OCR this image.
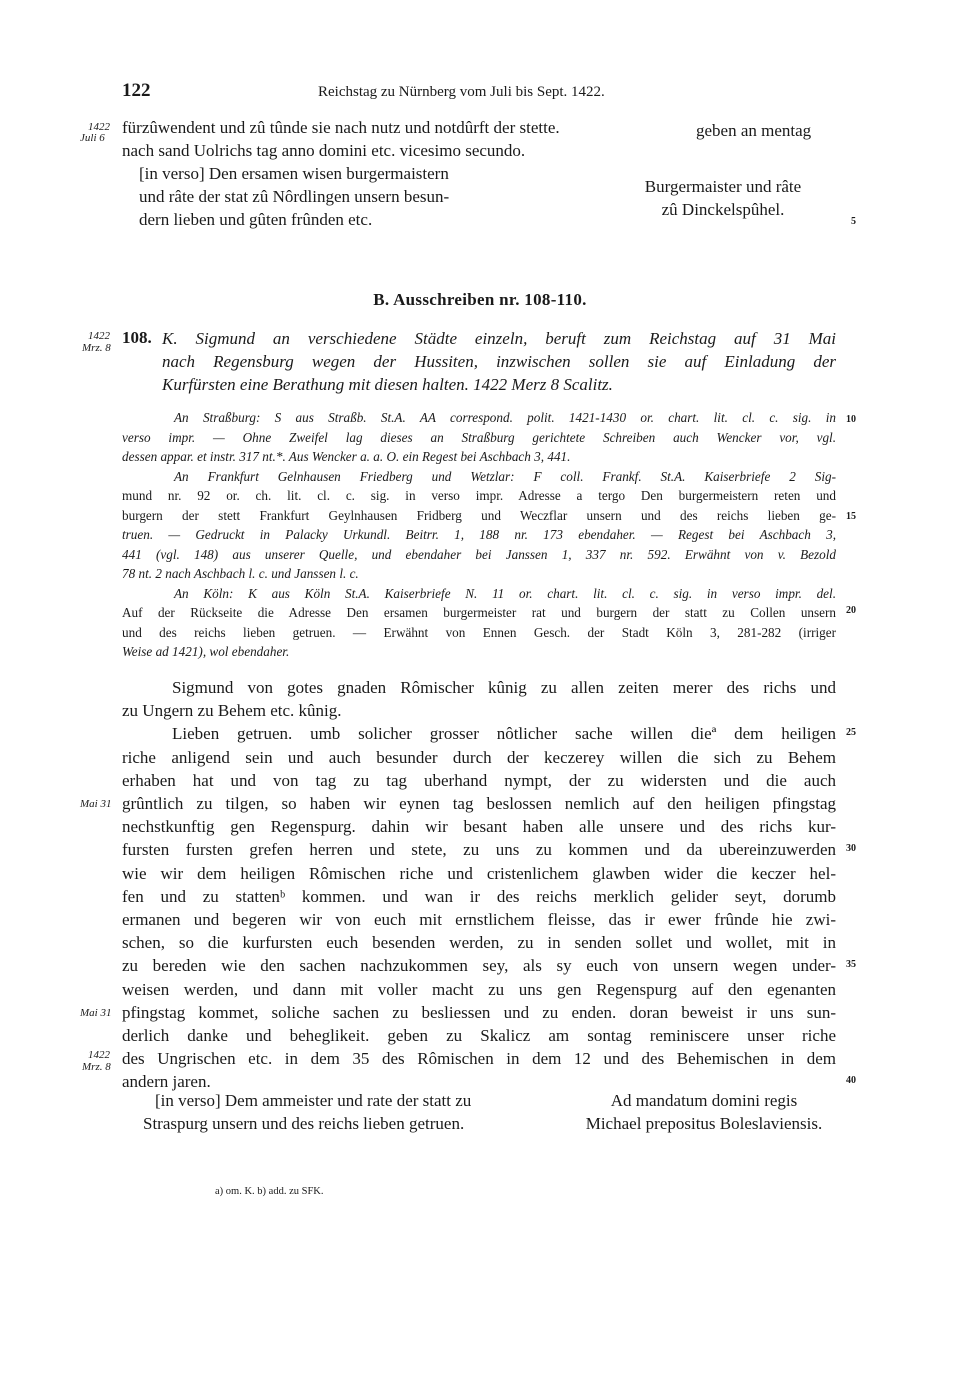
122	Reichstag zu Nürnberg vom Juli bis Sept. 1422.
1422
Juli 6
fürzûwendent und zû tûnde sie nach nutz und notdûrft der stette.	geben an mentag
nach sand Uolrichs tag anno domini etc. vicesimo secundo.
[in verso] Den ersamen wisen burgermaistern
und râte der stat zû Nôrdlingen unsern besun-
dern lieben und gûten frûnden etc.
Burgermaister und râte
zû Dinckelspûhel.
5
B. Ausschreiben nr. 108-110.
1422
Mrz. 8
108. K. Sigmund an verschiedene Städte einzeln, beruft zum Reichstag auf 31 Mai
nach Regensburg wegen der Hussiten, inzwischen sollen sie auf Einladung der
Kurfürsten eine Berathung mit diesen halten. 1422 Merz 8 Scalitz.
An Straßburg: S aus Straßb. St.A. AA correspond. polit. 1421-1430 or. chart. lit. cl. c. sig. in
verso impr. — Ohne Zweifel lag dieses an Straßburg gerichtete Schreiben auch Wencker vor, vgl.
dessen appar. et instr. 317 nt.*. Aus Wencker a. a. O. ein Regest bei Aschbach 3, 441.
An Frankfurt Gelnhausen Friedberg und Wetzlar: F coll. Frankf. St.A. Kaiserbriefe 2 Sig-
mund nr. 92 or. ch. lit. cl. c. sig. in verso impr. Adresse a tergo Den burgermeistern reten und
burgern der stett Frankfurt Geylnhausen Fridberg und Weczflar unsern und des reichs lieben ge-
truen. — Gedruckt in Palacky Urkundl. Beitrr. 1, 188 nr. 173 ebendaher. — Regest bei Aschbach 3,
441 (vgl. 148) aus unserer Quelle, und ebendaher bei Janssen 1, 337 nr. 592. Erwähnt von v. Bezold
78 nt. 2 nach Aschbach l. c. und Janssen l. c.
An Köln: K aus Köln St.A. Kaiserbriefe N. 11 or. chart. lit. cl. c. sig. in verso impr. del.
Auf der Rückseite die Adresse Den ersamen burgermeister rat und burgern der statt zu Collen unsern
und des reichs lieben getruen. — Erwähnt von Ennen Gesch. der Stadt Köln 3, 281-282 (irriger
Weise ad 1421), wol ebendaher.
10
15
20
Sigmund von gotes gnaden Rômischer kûnig zu allen zeiten merer des richs und
zu Ungern zu Behem etc. kûnig.
Lieben getruen. umb solicher grosser nôtlicher sache willen dieª dem heiligen
riche anligend sein und auch besunder durch der keczerey willen die sich zu Behem
erhaben hat und von tag zu tag uberhand nympt, der zu widersten und die auch
grûntlich zu tilgen, so haben wir eynen tag beslossen nemlich auf den heiligen pfingstag
nechstkunftig gen Regenspurg. dahin wir besant haben alle unsere und des richs kur-
fursten fursten grefen herren und stete, zu uns zu kommen und da ubereinzuwerden
wie wir dem heiligen Rômischen riche und cristenlichem glawben wider die keczer hel-
fen und zu stattenᵇ kommen. und wan ir des reichs merklich gelider seyt, dorumb
ermanen und begeren wir von euch mit ernstlichem fleisse, das ir ewer frûnde hie zwi-
schen, so die kurfursten euch besenden werden, zu in senden sollet und wollet, mit in
zu bereden wie den sachen nachzukommen sey, als sy euch von unsern wegen under-
weisen werden, und dann mit voller macht zu uns gen Regenspurg auf den egenanten
pfingstag kommet, soliche sachen zu besliessen und zu enden. doran beweist ir uns sun-
derlich danke und beheglikeit. geben zu Skalicz am sontag reminiscere unser riche
des Ungrischen etc. in dem 35 des Rômischen in dem 12 und des Behemischen in dem
andern jaren.
Mai 31
Mai 31
1422
Mrz. 8
25
30
35
40
[in verso] Dem ammeister und rate der statt zu
Straspurg unsern und des reichs lieben getruen.
Ad mandatum domini regis
Michael prepositus Boleslaviensis.
a) om. K. b) add. zu SFK.
